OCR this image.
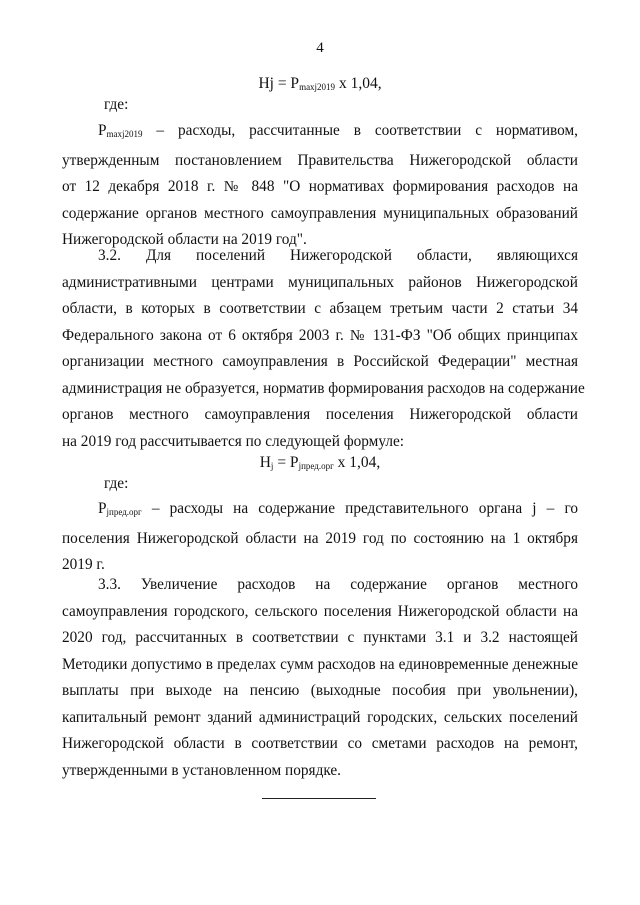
4
$Hj = P_{maxj2019}$ x 1,04,
где:
$P_{maxj2019}$ – расходы, рассчитанные в соответствии с нормативом,
утвержденным постановлением Правительства Нижегородской области
от 12 декабря 2018 г. № 848 "О нормативах формирования расходов на
содержание органов местного самоуправления муниципальных образований
Нижегородской области на 2019 год".
3.2. Для поселений Нижегородской области, являющихся
административными центрами муниципальных районов Нижегородской
области, в которых в соответствии с абзацем третьим части 2 статьи 34
Федерального закона от 6 октября 2003 г. № 131-ФЗ "Об общих принципах
организации местного самоуправления в Российской Федерации" местная
администрация не образуется, норматив формирования расходов на содержание
органов местного самоуправления поселения Нижегородской области
на 2019 год рассчитывается по следующей формуле:
$H_j = P_{jпред.орг}$ x 1,04,
где:
$P_{jпред.орг}$ – расходы на содержание представительного органа j – го
поселения Нижегородской области на 2019 год по состоянию на 1 октября
2019 г.
3.3. Увеличение расходов на содержание органов местного
самоуправления городского, сельского поселения Нижегородской области на
2020 год, рассчитанных в соответствии с пунктами 3.1 и 3.2 настоящей
Методики допустимо в пределах сумм расходов на единовременные денежные
выплаты при выходе на пенсию (выходные пособия при увольнении),
капитальный ремонт зданий администраций городских, сельских поселений
Нижегородской области в соответствии со сметами расходов на ремонт,
утвержденными в установленном порядке.
